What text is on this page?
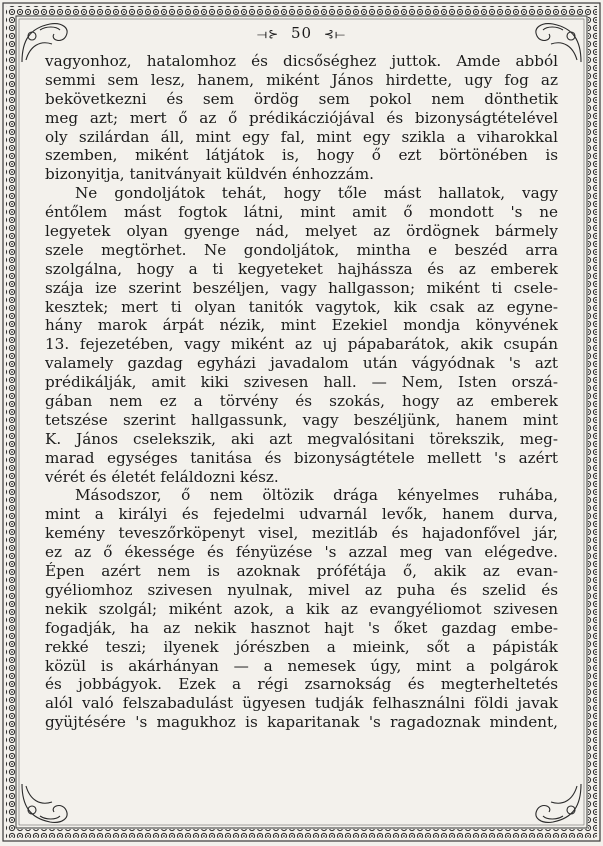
⟞⊱ 50 ⊰⟝
vagyonhoz, hatalomhoz és dicsőséghez juttok. Amde abból
semmi sem lesz, hanem, miként János hirdette, ugy fog az
bekövetkezni és sem ördög sem pokol nem dönthetik
meg azt; mert ő az ő prédikácziójával és bizonyságtételével
oly szilárdan áll, mint egy fal, mint egy szikla a viharokkal
szemben, miként látjátok is, hogy ő ezt börtönében is
bizonyitja, tanitványait küldvén énhozzám.
Ne gondoljátok tehát, hogy tőle mást hallatok, vagy
éntőlem mást fogtok látni, mint amit ő mondott 's ne
legyetek olyan gyenge nád, melyet az ördögnek bármely
szele megtörhet. Ne gondoljátok, mintha e beszéd arra
szolgálna, hogy a ti kegyeteket hajhássza és az emberek
szája ize szerint beszéljen, vagy hallgasson; miként ti csele-
kesztek; mert ti olyan tanitók vagytok, kik csak az egyne-
hány marok árpát nézik, mint Ezekiel mondja könyvének
13. fejezetében, vagy miként az uj pápabarátok, akik csupán
valamely gazdag egyházi javadalom után vágyódnak 's azt
prédikálják, amit kiki szivesen hall. — Nem, Isten orszá-
gában nem ez a törvény és szokás, hogy az emberek
tetszése szerint hallgassunk, vagy beszéljünk, hanem mint
K. János cselekszik, aki azt megvalósitani törekszik, meg-
marad egységes tanitása és bizonyságtétele mellett 's azért
vérét és életét feláldozni kész.
Másodszor, ő nem öltözik drága kényelmes ruhába,
mint a királyi és fejedelmi udvarnál levők, hanem durva,
kemény teveszőrköpenyt visel, mezitláb és hajadonfővel jár,
ez az ő ékessége és fényüzése 's azzal meg van elégedve.
Épen azért nem is azoknak prófétája ő, akik az evan-
gyéliomhoz szivesen nyulnak, mivel az puha és szelid és
nekik szolgál; miként azok, a kik az evangyéliomot szivesen
fogadják, ha az nekik hasznot hajt 's őket gazdag embe-
rekké teszi; ilyenek jórészben a mieink, sőt a pápisták
közül is akárhányan — a nemesek úgy, mint a polgárok
és jobbágyok. Ezek a régi zsarnokság és megterheltetés
alól való felszabadulást ügyesen tudják felhasználni földi javak
gyüjtésére 's magukhoz is kaparitanak 's ragadoznak mindent,
